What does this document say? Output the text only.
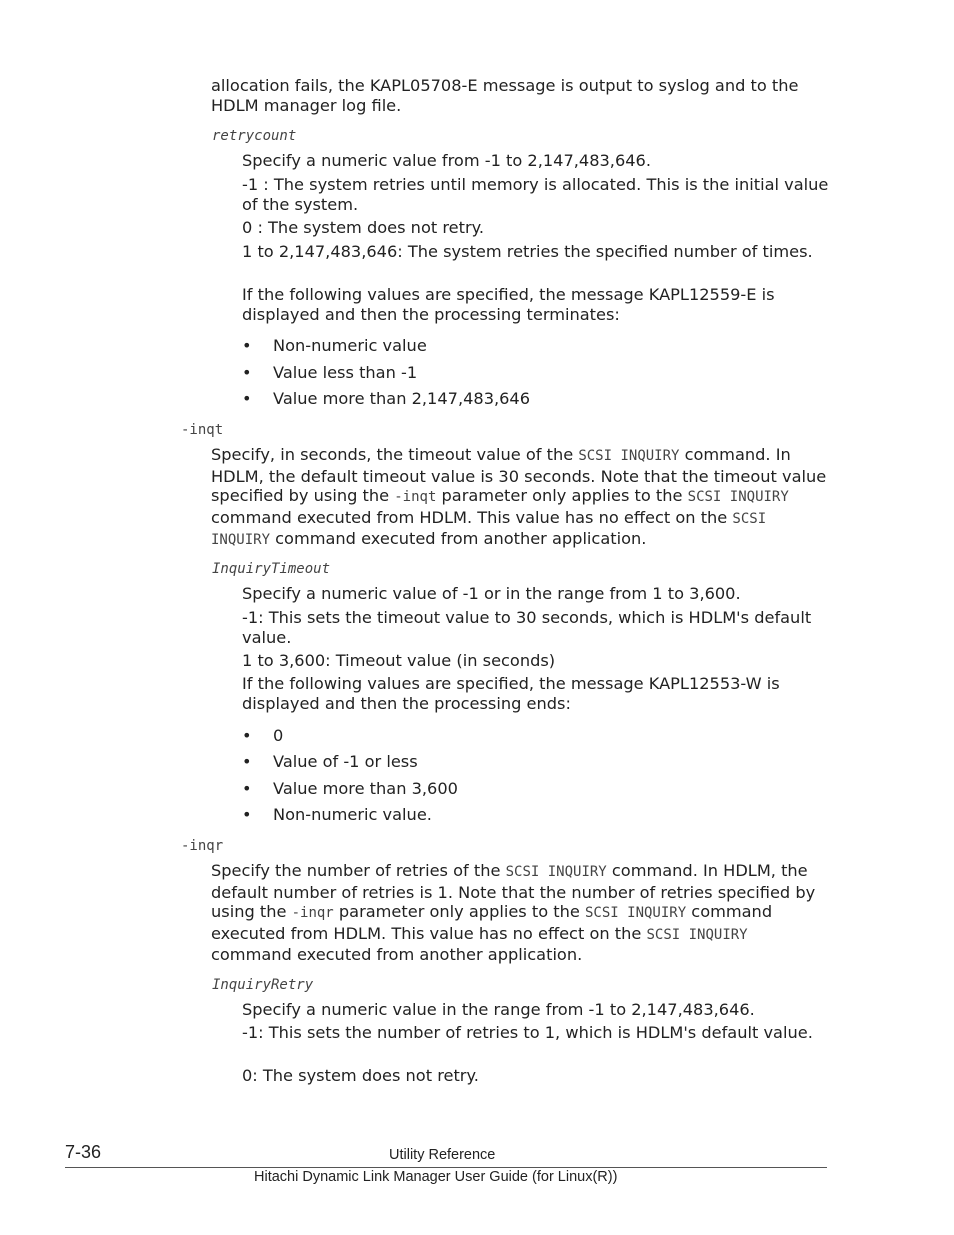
allocation fails, the KAPL05708-E message is output to syslog and to the HDLM manager log file.

retrycount

Specify a numeric value from -1 to 2,147,483,646.

-1 : The system retries until memory is allocated. This is the initial value of the system.

0 : The system does not retry.

1 to 2,147,483,646: The system retries the specified number of times.

If the following values are specified, the message KAPL12559-E is displayed and then the processing terminates:

• Non-numeric value
• Value less than -1
• Value more than 2,147,483,646
-inqt

Specify, in seconds, the timeout value of the SCSI INQUIRY command. In HDLM, the default timeout value is 30 seconds. Note that the timeout value specified by using the -inqt parameter only applies to the SCSI INQUIRY command executed from HDLM. This value has no effect on the SCSI INQUIRY command executed from another application.

InquiryTimeout

Specify a numeric value of -1 or in the range from 1 to 3,600.

-1: This sets the timeout value to 30 seconds, which is HDLM's default value.

1 to 3,600: Timeout value (in seconds)

If the following values are specified, the message KAPL12553-W is displayed and then the processing ends:

• 0
• Value of -1 or less
• Value more than 3,600
• Non-numeric value.
-inqr

Specify the number of retries of the SCSI INQUIRY command. In HDLM, the default number of retries is 1. Note that the number of retries specified by using the -inqr parameter only applies to the SCSI INQUIRY command executed from HDLM. This value has no effect on the SCSI INQUIRY command executed from another application.

InquiryRetry

Specify a numeric value in the range from -1 to 2,147,483,646.

-1: This sets the number of retries to 1, which is HDLM's default value.

0: The system does not retry.

7-36	Utility Reference
Hitachi Dynamic Link Manager User Guide (for Linux(R))
